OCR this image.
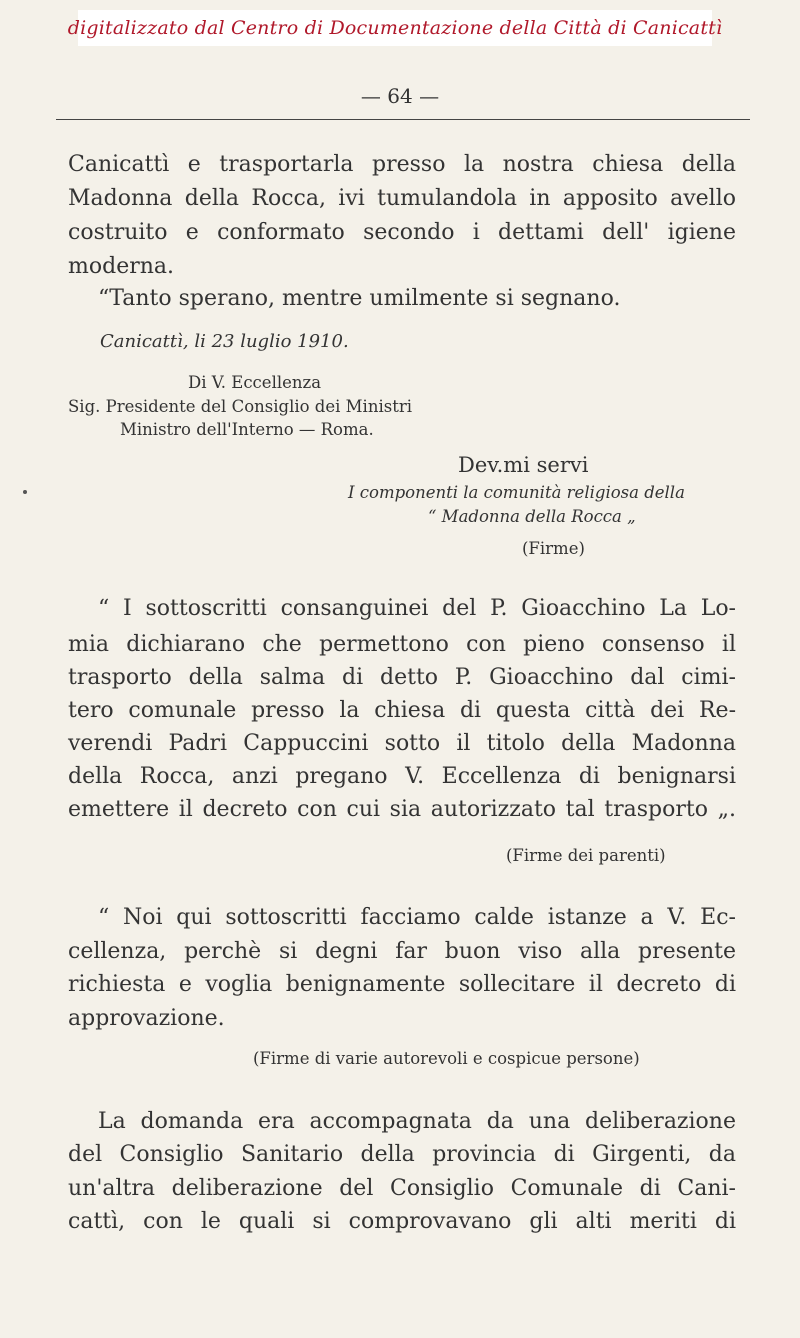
digitalizzato dal Centro di Documentazione della Città di Canicattì
— 64 —
Canicattì e trasportarla presso la nostra chiesa della
Madonna della Rocca, ivi tumulandola in apposito avello
costruito e conformato secondo i dettami dell' igiene
moderna.
“Tanto sperano, mentre umilmente si segnano.
Canicattì, li 23 luglio 1910.
Di V. Eccellenza
Sig. Presidente del Consiglio dei Ministri
Ministro dell'Interno — Roma.
Dev.mi servi
I componenti la comunità religiosa della
“ Madonna della Rocca „
(Firme)
“ I sottoscritti consanguinei del P. Gioacchino La Lo-
mia dichiarano che permettono con pieno consenso il
trasporto della salma di detto P. Gioacchino dal cimi-
tero comunale presso la chiesa di questa città dei Re-
verendi Padri Cappuccini sotto il titolo della Madonna
della Rocca, anzi pregano V. Eccellenza di benignarsi
emettere il decreto con cui sia autorizzato tal trasporto „.
(Firme dei parenti)
“ Noi qui sottoscritti facciamo calde istanze a V. Ec-
cellenza, perchè si degni far buon viso alla presente
richiesta e voglia benignamente sollecitare il decreto di
approvazione.
(Firme di varie autorevoli e cospicue persone)
La domanda era accompagnata da una deliberazione
del Consiglio Sanitario della provincia di Girgenti, da
un'altra deliberazione del Consiglio Comunale di Cani-
cattì, con le quali si comprovavano gli alti meriti di
